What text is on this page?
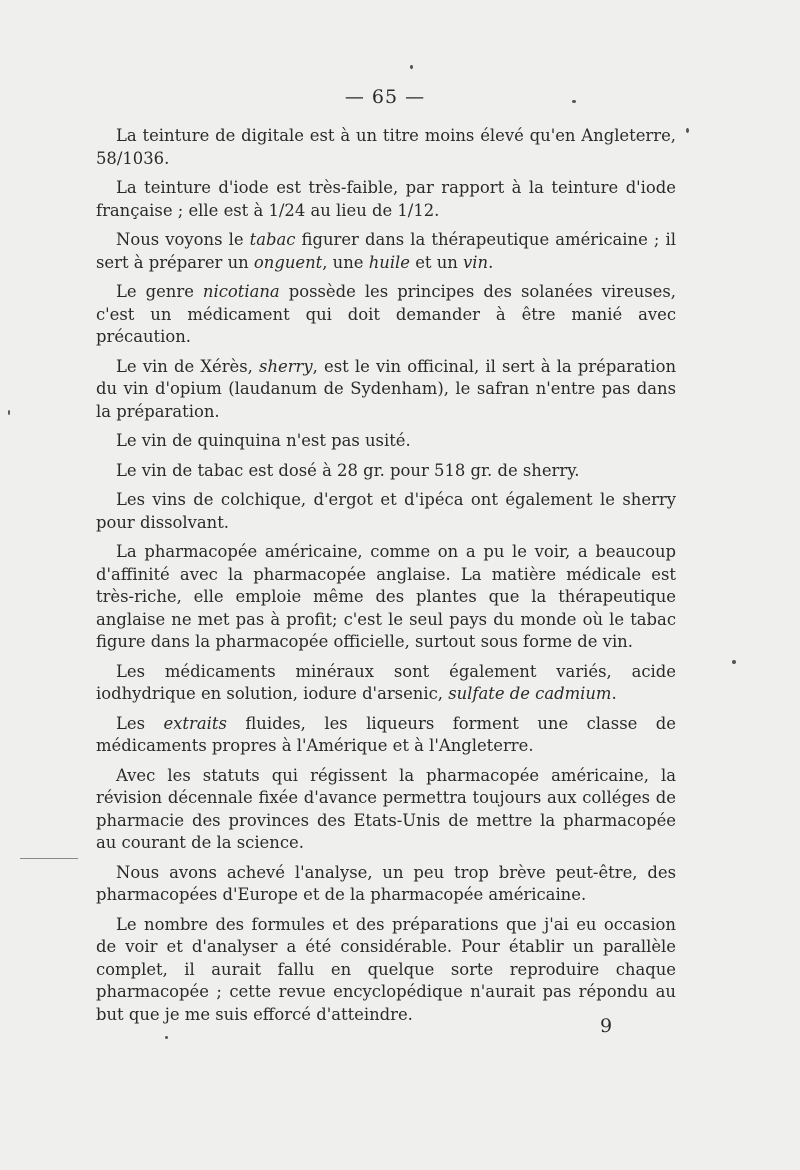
— 65 —

La teinture de digitale est à un titre moins élevé qu'en Angleterre, 58/1036.

La teinture d'iode est très-faible, par rapport à la teinture d'iode française ; elle est à 1/24 au lieu de 1/12.

Nous voyons le tabac figurer dans la thérapeutique américaine ; il sert à préparer un onguent, une huile et un vin.

Le genre nicotiana possède les principes des solanées vireuses, c'est un médicament qui doit demander à être manié avec précaution.

Le vin de Xérès, sherry, est le vin officinal, il sert à la préparation du vin d'opium (laudanum de Sydenham), le safran n'entre pas dans la préparation.

Le vin de quinquina n'est pas usité.

Le vin de tabac est dosé à 28 gr. pour 518 gr. de sherry.

Les vins de colchique, d'ergot et d'ipéca ont également le sherry pour dissolvant.

La pharmacopée américaine, comme on a pu le voir, a beaucoup d'affinité avec la pharmacopée anglaise. La matière médicale est très-riche, elle emploie même des plantes que la thérapeutique anglaise ne met pas à profit; c'est le seul pays du monde où le tabac figure dans la pharmacopée officielle, surtout sous forme de vin.

Les médicaments minéraux sont également variés, acide iodhydrique en solution, iodure d'arsenic, sulfate de cadmium.

Les extraits fluides, les liqueurs forment une classe de médicaments propres à l'Amérique et à l'Angleterre.

Avec les statuts qui régissent la pharmacopée américaine, la révision décennale fixée d'avance permettra toujours aux colléges de pharmacie des provinces des Etats-Unis de mettre la pharmacopée au courant de la science.

Nous avons achevé l'analyse, un peu trop brève peut-être, des pharmacopées d'Europe et de la pharmacopée américaine.

Le nombre des formules et des préparations que j'ai eu occasion de voir et d'analyser a été considérable. Pour établir un parallèle complet, il aurait fallu en quelque sorte reproduire chaque pharmacopée ; cette revue encyclopédique n'aurait pas répondu au but que je me suis efforcé d'atteindre.

9
